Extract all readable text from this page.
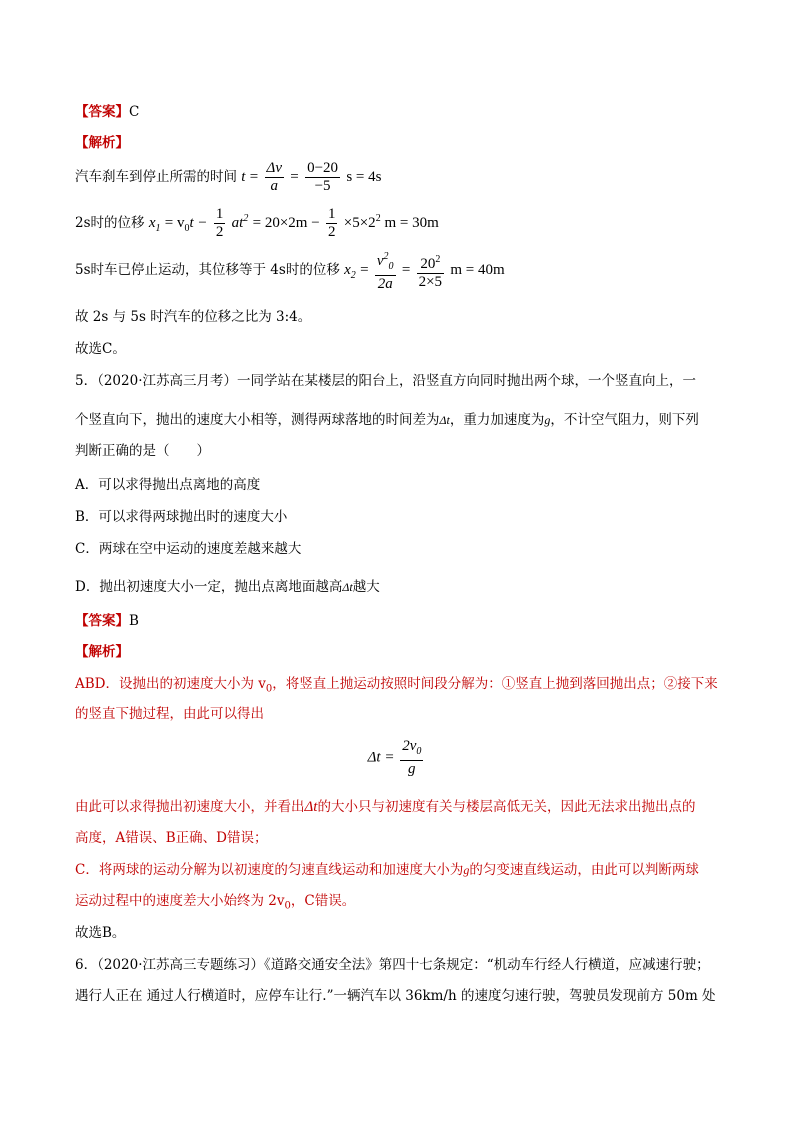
【答案】C
【解析】
汽车刹车到停止所需的时间 $t = \frac{\Delta v}{a} = \frac{0-20}{-5}$ s = 4s
2s时的位移 $x_1 = v_0t - \frac{1}{2} at^2 = 20\times 2m - \frac{1}{2} \times 5\times 2^2$ m = 30m
5s时车已停止运动，其位移等于 4s时的位移 $x_2 = \frac{v^2_0}{2a} = \frac{20^2}{2\times 5}$ m = 40m
故 2s 与 5s 时汽车的位移之比为 3:4。
故选C。
5．（2020·江苏高三月考）一同学站在某楼层的阳台上，沿竖直方向同时抛出两个球，一个竖直向上，一
个竖直向下，抛出的速度大小相等，测得两球落地的时间差为Δt，重力加速度为g，不计空气阻力，则下列
判断正确的是（　　）
A．可以求得抛出点离地的高度
B．可以求得两球抛出时的速度大小
C．两球在空中运动的速度差越来越大
D．抛出初速度大小一定，抛出点离地面越高Δt越大
【答案】B
【解析】
ABD．设抛出的初速度大小为 $v_0$，将竖直上抛运动按照时间段分解为：①竖直上抛到落回抛出点；②接下来
的竖直下抛过程，由此可以得出
$\Delta t = \frac{2v_0}{g}$
由此可以求得抛出初速度大小，并看出Δt的大小只与初速度有关与楼层高低无关，因此无法求出抛出点的
高度，A错误、B正确、D错误；
C．将两球的运动分解为以初速度的匀速直线运动和加速度大小为g的匀变速直线运动，由此可以判断两球
运动过程中的速度差大小始终为 $2v_0$，C错误。
故选B。
6．（2020·江苏高三专题练习）《道路交通安全法》第四十七条规定：“机动车行经人行横道，应减速行驶；
遇行人正在 通过人行横道时，应停车让行.”一辆汽车以 36km/h 的速度匀速行驶，驾驶员发现前方 50m 处
